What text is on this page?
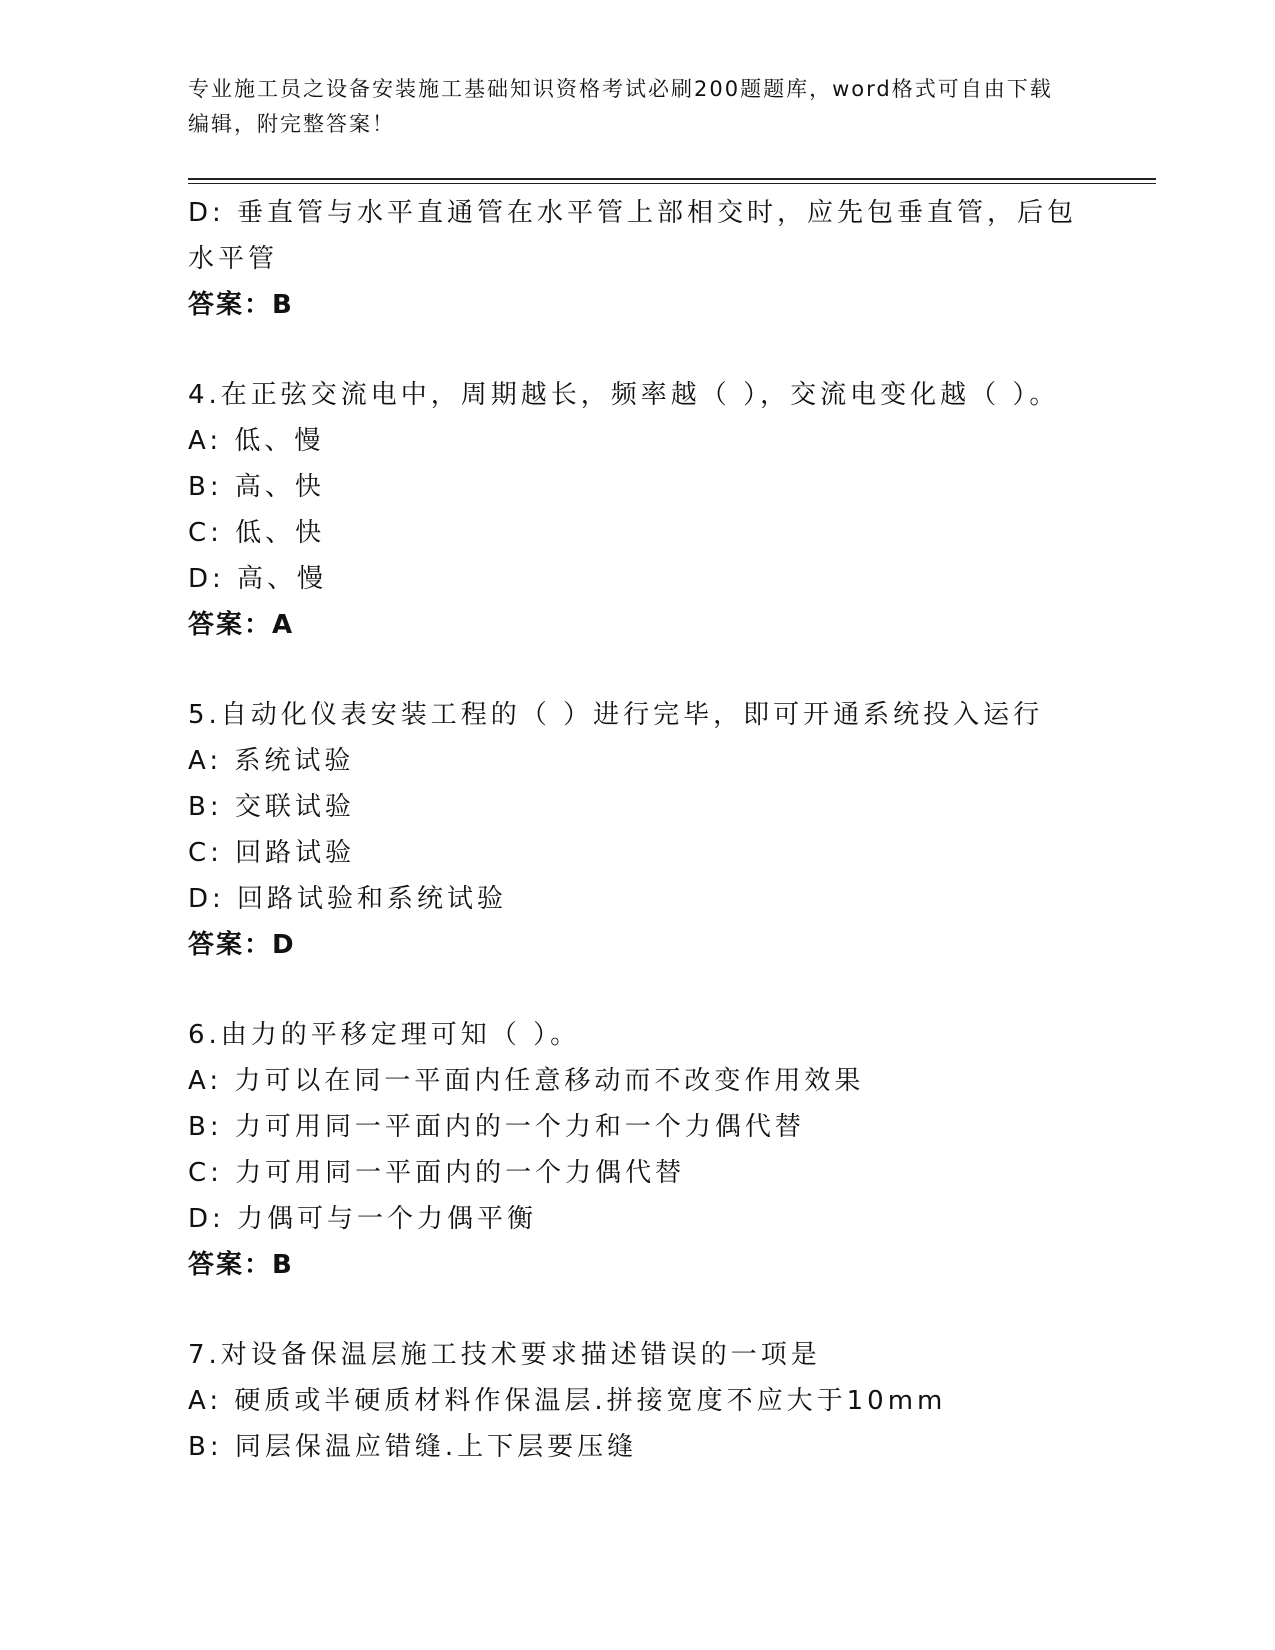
专业施工员之设备安装施工基础知识资格考试必刷200题题库，word格式可自由下载编辑，附完整答案！
D: 垂直管与水平直通管在水平管上部相交时，应先包垂直管，后包水平管
答案：B
4.在正弦交流电中，周期越长，频率越（ ），交流电变化越（ ）。
A: 低、慢
B: 高、快
C: 低、快
D: 高、慢
答案：A
5.自动化仪表安装工程的（ ）进行完毕，即可开通系统投入运行
A: 系统试验
B: 交联试验
C: 回路试验
D: 回路试验和系统试验
答案：D
6.由力的平移定理可知（ ）。
A: 力可以在同一平面内任意移动而不改变作用效果
B: 力可用同一平面内的一个力和一个力偶代替
C: 力可用同一平面内的一个力偶代替
D: 力偶可与一个力偶平衡
答案：B
7.对设备保温层施工技术要求描述错误的一项是
A: 硬质或半硬质材料作保温层.拼接宽度不应大于10mm
B: 同层保温应错缝.上下层要压缝
